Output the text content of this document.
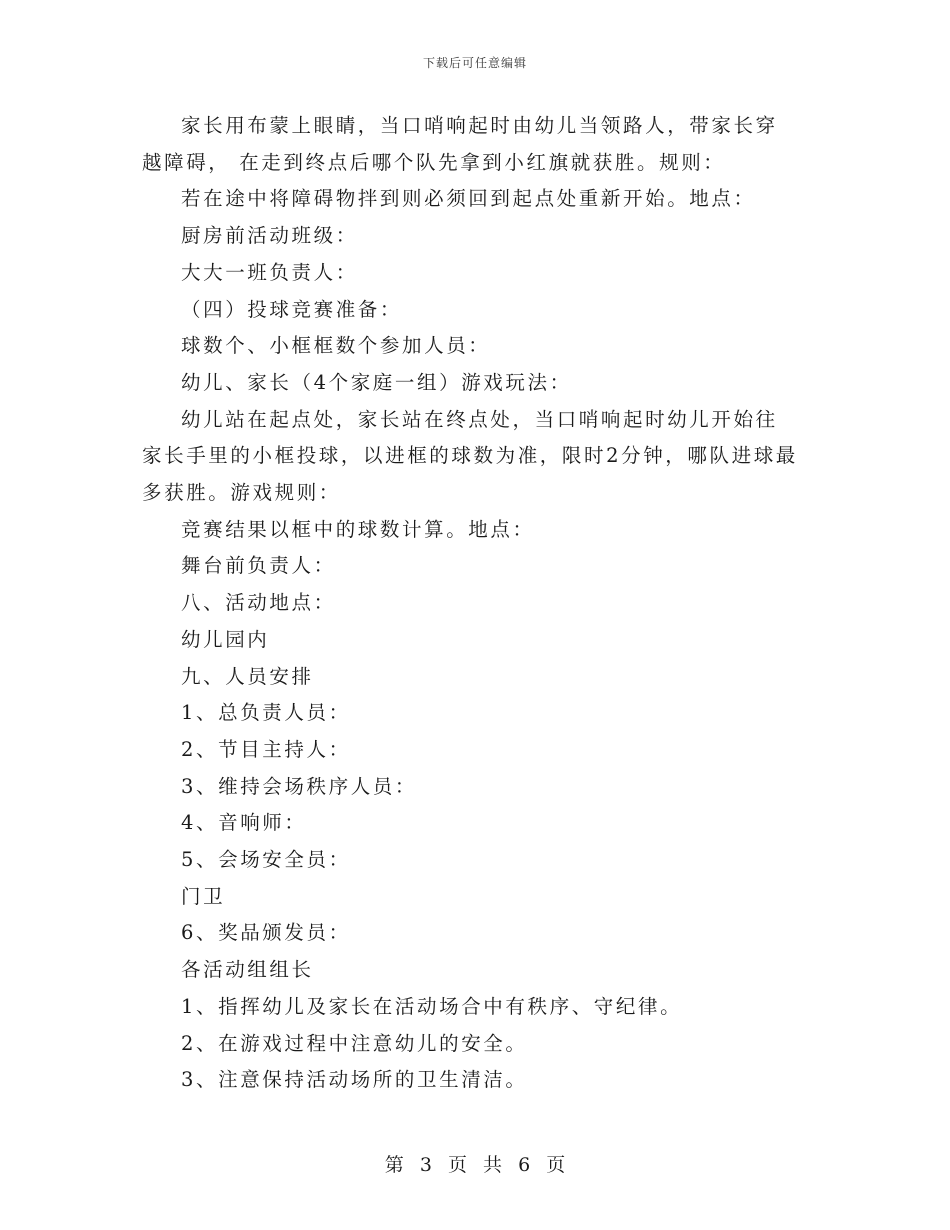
下载后可任意编辑

家长用布蒙上眼睛，当口哨响起时由幼儿当领路人，带家长穿越障碍， 在走到终点后哪个队先拿到小红旗就获胜。规则：

若在途中将障碍物拌到则必须回到起点处重新开始。地点：

厨房前活动班级：

大大一班负责人：

（四）投球竞赛准备：

球数个、小框框数个参加人员：

幼儿、家长（4个家庭一组）游戏玩法：

幼儿站在起点处，家长站在终点处，当口哨响起时幼儿开始往家长手里的小框投球，以进框的球数为准，限时2分钟，哪队进球最多获胜。游戏规则：

竞赛结果以框中的球数计算。地点：

舞台前负责人：

八、活动地点：

幼儿园内

九、人员安排

1、总负责人员：

2、节目主持人：

3、维持会场秩序人员：

4、音响师：

5、会场安全员：

门卫

6、奖品颁发员：

各活动组组长

1、指挥幼儿及家长在活动场合中有秩序、守纪律。

2、在游戏过程中注意幼儿的安全。

3、注意保持活动场所的卫生清洁。

第 3 页 共 6 页
